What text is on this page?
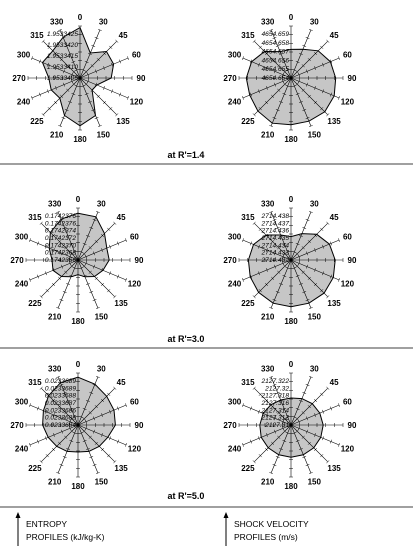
0
30
45
60
90
120
135
150
180
210
225
240
270
300
315
330
1.9533425
1.9533420
1.9533415
1.9533410
1.9533405
0
30
45
60
90
120
135
150
180
210
225
240
270
300
315
330
4654.659
4654.658
4654.657
4654.656
4654.655
4654.654
0
30
45
60
90
120
135
150
180
210
225
240
270
300
315
330
0.1742376
0.1742376
0.1742374
0.1742372
0.1742370
0.1742368
0.1742366
0
30
45
60
90
120
135
150
180
210
225
240
270
300
315
330
2714.438
2714.437
2714.436
2714.435
2714.434
2714.433
2714.432
0
30
45
60
90
120
135
150
180
210
225
240
270
300
315
330
0.0233689
0.0233689
0.0233688
0.0233687
0.0233686
0.0233685
0.0233684
0
30
45
60
90
120
135
150
180
210
225
240
270
300
315
330
2127.322
2127.32
2127.318
2127.316
2127.314
2127.312
2127.31
at R'=1.4
at R'=3.0
at R'=5.0
ENTROPY
PROFILES (kJ/kg-K)
SHOCK VELOCITY
PROFILES (m/s)
